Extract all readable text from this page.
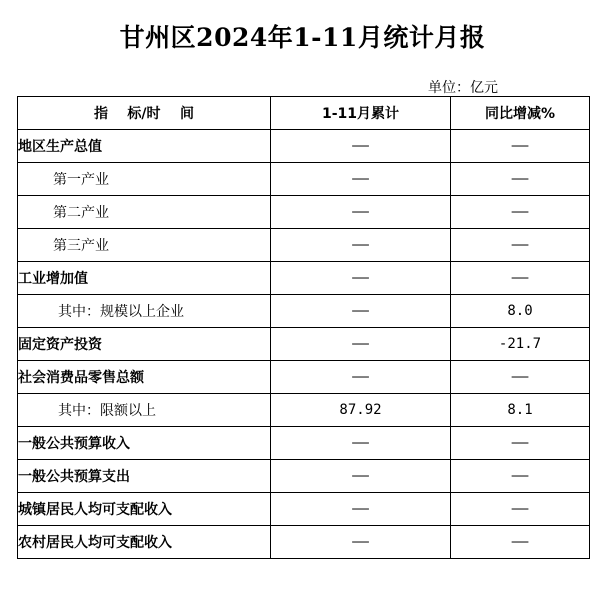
甘州区2024年1-11月统计月报
单位：亿元
指    标/时    间	1-11月累计	同比增减%
地区生产总值	——	——
第一产业	——	——
第二产业	——	——
第三产业	——	——
工业增加值	——	——
其中：规模以上企业	——	8.0
固定资产投资	——	-21.7
社会消费品零售总额	——	——
其中：限额以上	87.92	8.1
一般公共预算收入	——	——
一般公共预算支出	——	——
城镇居民人均可支配收入	——	——
农村居民人均可支配收入	——	——
